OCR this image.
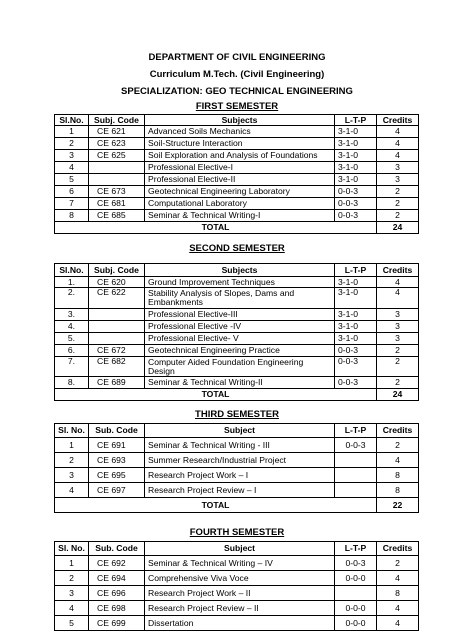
DEPARTMENT OF CIVIL ENGINEERING
Curriculum M.Tech. (Civil Engineering)
SPECIALIZATION: GEO TECHNICAL ENGINEERING
FIRST SEMESTER
Sl.No.	Subj. Code	Subjects	L-T-P	Credits
1	CE 621	Advanced Soils Mechanics	3-1-0	4
2	CE 623	Soil-Structure Interaction	3-1-0	4
3	CE 625	Soil Exploration and Analysis of Foundations	3-1-0	4
4		Professional Elective-I	3-1-0	3
5		Professional Elective-II	3-1-0	3
6	CE 673	Geotechnical Engineering Laboratory	0-0-3	2
7	CE 681	Computational Laboratory	0-0-3	2
8	CE 685	Seminar & Technical Writing-I	0-0-3	2
TOTAL				24
SECOND SEMESTER
Sl.No.	Subj. Code	Subjects	L-T-P	Credits
1.	CE 620	Ground Improvement Techniques	3-1-0	4
2.	CE 622	Stability Analysis of Slopes, Dams and Embankments	3-1-0	4
3.		Professional Elective-III	3-1-0	3
4.		Professional Elective -IV	3-1-0	3
5.		Professional Elective- V	3-1-0	3
6.	CE 672	Geotechnical Engineering Practice	0-0-3	2
7.	CE 682	Computer Aided Foundation Engineering Design	0-0-3	2
8.	CE 689	Seminar & Technical Writing-II	0-0-3	2
TOTAL				24
THIRD SEMESTER
Sl. No.	Sub. Code	Subject	L-T-P	Credits
1	CE 691	Seminar & Technical Writing - III	0-0-3	2
2	CE 693	Summer Research/Industrial Project		4
3	CE 695	Research Project Work – I		8
4	CE 697	Research Project Review – I		8
TOTAL				22
FOURTH SEMESTER
Sl. No.	Sub. Code	Subject	L-T-P	Credits
1	CE 692	Seminar & Technical Writing – IV	0-0-3	2
2	CE 694	Comprehensive Viva Voce	0-0-0	4
3	CE 696	Research Project Work – II		8
4	CE 698	Research Project Review – II	0-0-0	4
5	CE 699	Dissertation	0-0-0	4
